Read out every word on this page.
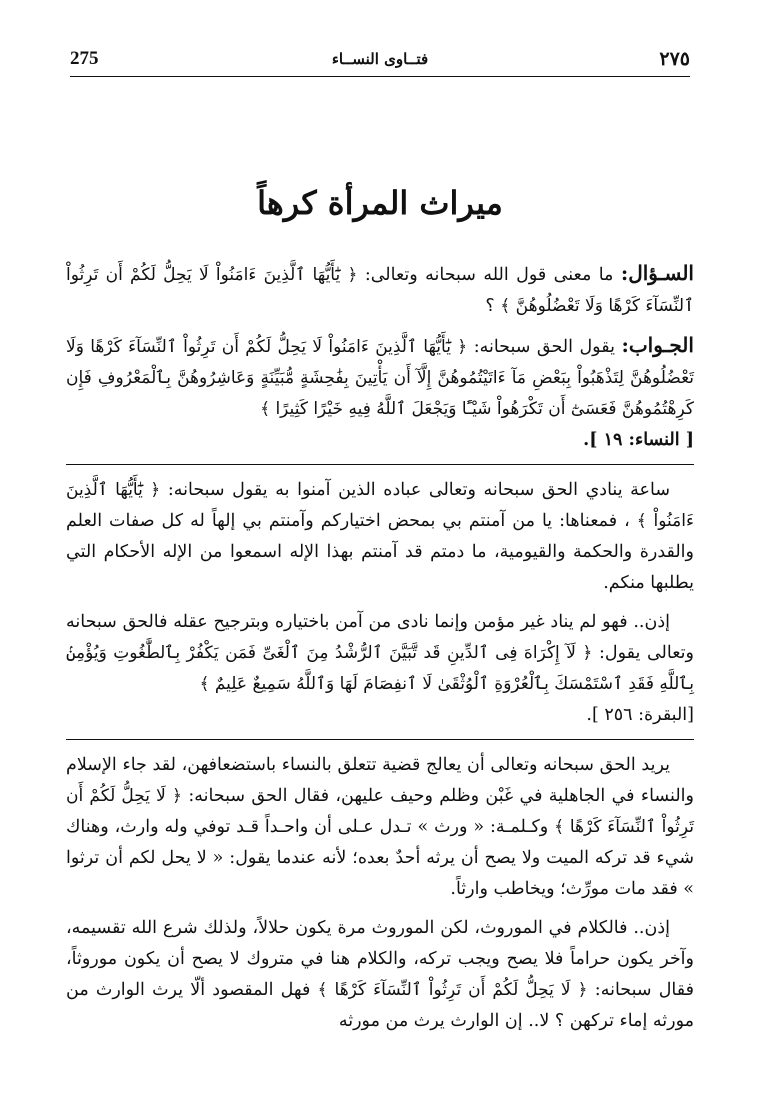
275	فتــاوى النســاء	٢٧٥
ميراث المرأة كرهاً

السـؤال: ما معنى قول الله سبحانه وتعالى: ﴿ يَٰٓأَيُّهَا ٱلَّذِينَ ءَامَنُواْ لَا يَحِلُّ لَكُمْ أَن تَرِثُواْ ٱلنِّسَآءَ كَرْهًا وَلَا تَعْضُلُوهُنَّ ﴾ ؟

الجـواب: يقول الحق سبحانه: ﴿ يَٰٓأَيُّهَا ٱلَّذِينَ ءَامَنُواْ لَا يَحِلُّ لَكُمْ أَن تَرِثُواْ ٱلنِّسَآءَ كَرْهًا وَلَا تَعْضُلُوهُنَّ لِتَذْهَبُواْ بِبَعْضِ مَآ ءَاتَيْتُمُوهُنَّ إِلَّآ أَن يَأْتِينَ بِفَٰحِشَةٍ مُّبَيِّنَةٍ وَعَاشِرُوهُنَّ بِٱلْمَعْرُوفِ فَإِن كَرِهْتُمُوهُنَّ فَعَسَىٰٓ أَن تَكْرَهُواْ شَيْـًٔا وَيَجْعَلَ ٱللَّهُ فِيهِ خَيْرًا كَثِيرًا ﴾
[ النساء: ١٩ ].

ساعة ينادي الحق سبحانه وتعالى عباده الذين آمنوا به يقول سبحانه: ﴿ يَٰٓأَيُّهَا ٱلَّذِينَ ءَامَنُواْ ﴾ ، فمعناها: يا من آمنتم بي بمحض اختياركم وآمنتم بي إلهاً له كل صفات العلم والقدرة والحكمة والقيومية، ما دمتم قد آمنتم بهذا الإله اسمعوا من الإله الأحكام التي يطلبها منكم.

إذن.. فهو لم يناد غير مؤمن وإنما نادى من آمن باختياره وبترجيح عقله فالحق سبحانه وتعالى يقول: ﴿ لَآ إِكْرَاهَ فِى ٱلدِّينِ قَد تَّبَيَّنَ ٱلرُّشْدُ مِنَ ٱلْغَىِّ فَمَن يَكْفُرْ بِٱلطَّٰغُوتِ وَيُؤْمِنۢ بِٱللَّهِ فَقَدِ ٱسْتَمْسَكَ بِٱلْعُرْوَةِ ٱلْوُثْقَىٰ لَا ٱنفِصَامَ لَهَا وَٱللَّهُ سَمِيعٌ عَلِيمٌ ﴾
[البقرة: ٢٥٦ ].

يريد الحق سبحانه وتعالى أن يعالج قضية تتعلق بالنساء باستضعافهن، لقد جاء الإسلام والنساء في الجاهلية في غَبْن وظلم وحيف عليهن، فقال الحق سبحانه: ﴿ لَا يَحِلُّ لَكُمْ أَن تَرِثُواْ ٱلنِّسَآءَ كَرْهًا ﴾ وكـلمـة: « ورث » تـدل عـلى أن واحـداً قـد توفي وله وارث، وهناك شيء قد تركه الميت ولا يصح أن يرثه أحدٌ بعده؛ لأنه عندما يقول: « لا يحل لكم أن ترثوا » فقد مات مورِّث؛ ويخاطب وارثاً.

إذن.. فالكلام في الموروث، لكن الموروث مرة يكون حلالاً، ولذلك شرع الله تقسيمه، وآخر يكون حراماً فلا يصح ويجب تركه، والكلام هنا في متروك لا يصح أن يكون موروثاً، فقال سبحانه: ﴿ لَا يَحِلُّ لَكُمْ أَن تَرِثُواْ ٱلنِّسَآءَ كَرْهًا ﴾ فهل المقصود ألّا يرث الوارث من مورثه إماء تركهن ؟ لا.. إن الوارث يرث من مورثه
